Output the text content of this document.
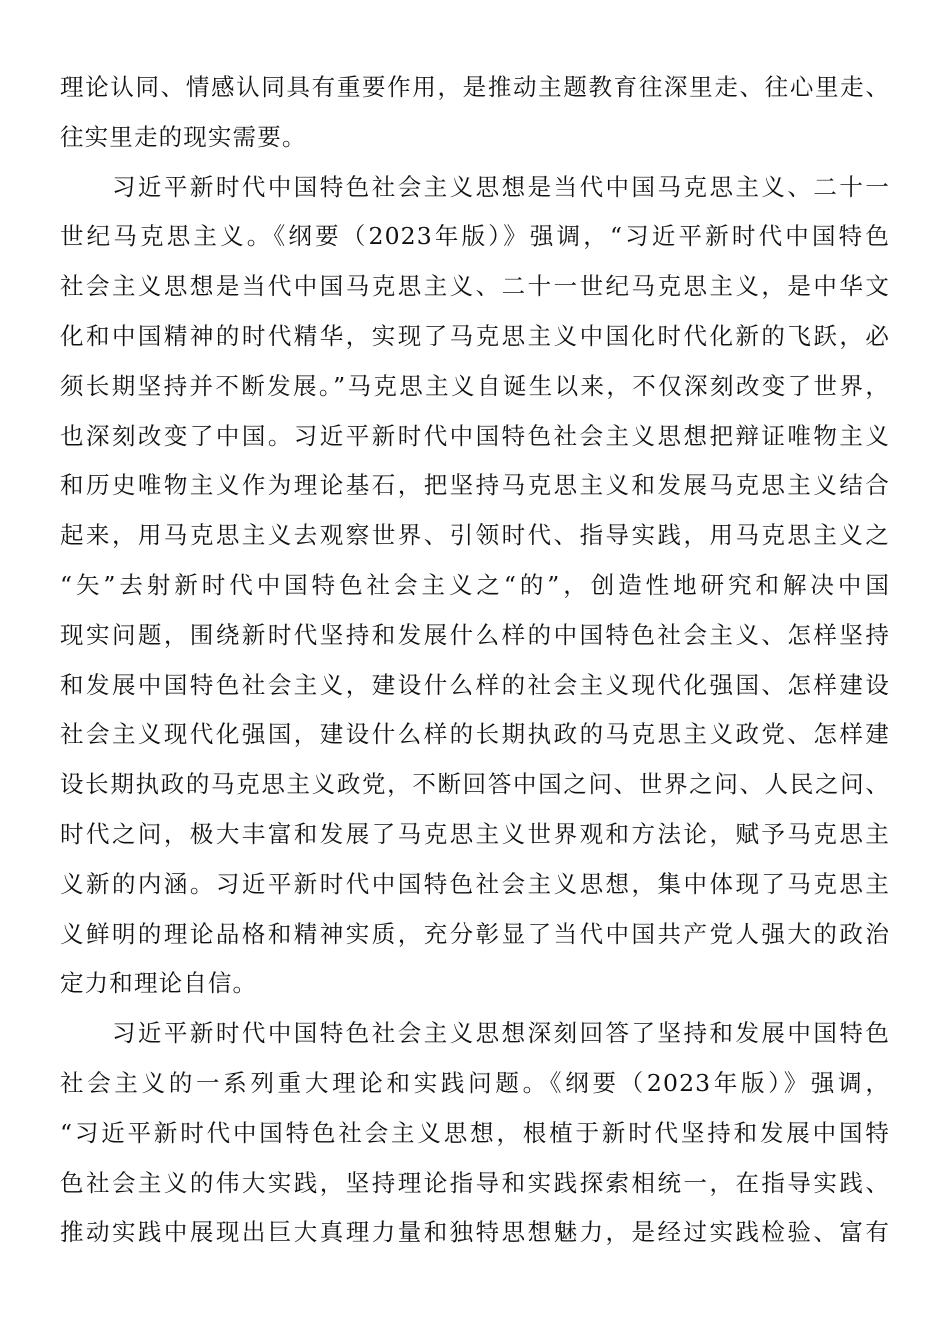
理论认同、情感认同具有重要作用，是推动主题教育往深里走、往心里走、
往实里走的现实需要。
　　习近平新时代中国特色社会主义思想是当代中国马克思主义、二十一
世纪马克思主义。《纲要（2023年版）》强调，“习近平新时代中国特色
社会主义思想是当代中国马克思主义、二十一世纪马克思主义，是中华文
化和中国精神的时代精华，实现了马克思主义中国化时代化新的飞跃，必
须长期坚持并不断发展。”马克思主义自诞生以来，不仅深刻改变了世界，
也深刻改变了中国。习近平新时代中国特色社会主义思想把辩证唯物主义
和历史唯物主义作为理论基石，把坚持马克思主义和发展马克思主义结合
起来，用马克思主义去观察世界、引领时代、指导实践，用马克思主义之
“矢”去射新时代中国特色社会主义之“的”，创造性地研究和解决中国
现实问题，围绕新时代坚持和发展什么样的中国特色社会主义、怎样坚持
和发展中国特色社会主义，建设什么样的社会主义现代化强国、怎样建设
社会主义现代化强国，建设什么样的长期执政的马克思主义政党、怎样建
设长期执政的马克思主义政党，不断回答中国之问、世界之问、人民之问、
时代之问，极大丰富和发展了马克思主义世界观和方法论，赋予马克思主
义新的内涵。习近平新时代中国特色社会主义思想，集中体现了马克思主
义鲜明的理论品格和精神实质，充分彰显了当代中国共产党人强大的政治
定力和理论自信。
　　习近平新时代中国特色社会主义思想深刻回答了坚持和发展中国特色
社会主义的一系列重大理论和实践问题。《纲要（2023年版）》强调，
“习近平新时代中国特色社会主义思想，根植于新时代坚持和发展中国特
色社会主义的伟大实践，坚持理论指导和实践探索相统一，在指导实践、
推动实践中展现出巨大真理力量和独特思想魅力，是经过实践检验、富有
